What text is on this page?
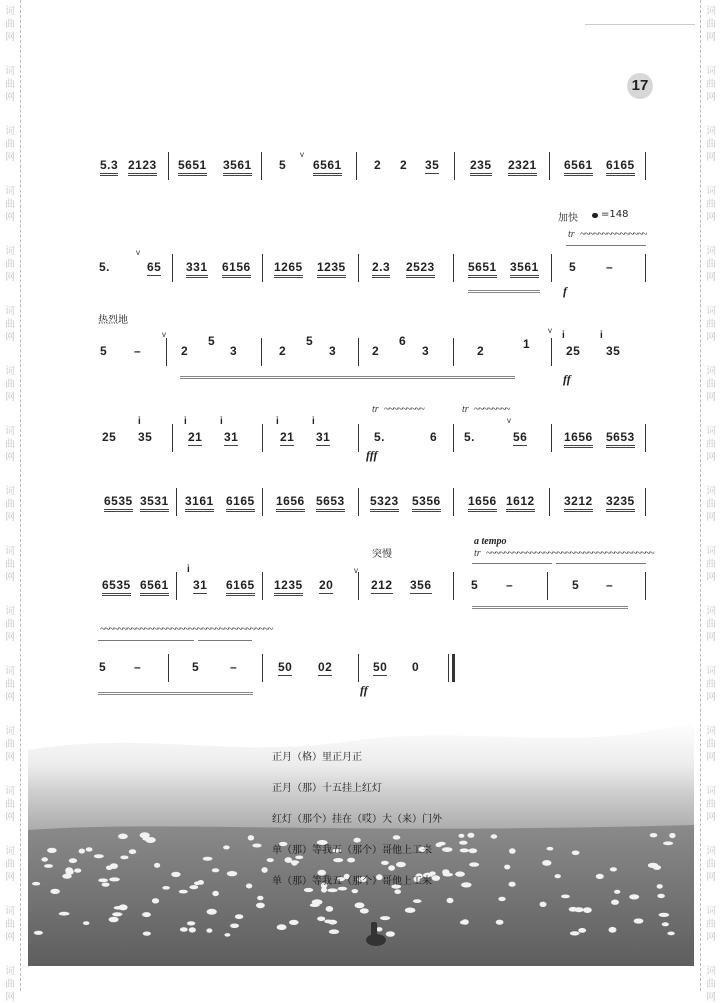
词
曲
网
词
曲
网
词
曲
网
词
曲
网
词
曲
网
词
曲
网
词
曲
网
词
曲
网
词
曲
网
词
曲
网
词
曲
网
词
曲
网
词
曲
网
词
曲
网
词
曲
网
词
曲
网
词
曲
网
词
曲
网
词
曲
网
词
曲
网
词
曲
网
词
曲
网
词
曲
网
词
曲
网
词
曲
网
词
曲
网
词
曲
网
词
曲
网
词
曲
网
词
曲
网
词
曲
网
词
曲
网
词
曲
网
词
曲
网
17
5.3 2123 5651 3561 5
v
6561	2 2 35	235 2321 6561 6165
加快 =148
tr ~~~~~~~~~~~~~~~
5.
v
65 331 6156 1265 1235 2.3 2523	5651 3561	5 –
f
热烈地
5 –
v
2
5
3	2
5
3	2
6
3	2	1
v i
25
i
35
ff
tr ~~~~~~~~~	tr ~~~~~~~~
i
25 35
i
21
i
31
i
21
i
31	5.	6 5.
v
56	1656 5653
fff
6535 3531 3161 6165 1656 5653 5323 5356 1656 1612 3212 3235
突慢
a tempo
tr ~~~~~~~~~~~~~~~~~~~~~~~~~~~~~~~~~~~~~~
6535 6561
i
31 6165 1235 20
v
212 356	5 –	5 –
~~~~~~~~~~~~~~~~~~~~~~~~~~~~~~~~~~~~~~~
5 –	5	–	50 02	50 0
ff
正月（格）里正月正
正月（那）十五挂上红灯
红灯（那个）挂在（哎）大（来）门外
单（那）等我五（那个）哥他上工来
单（那）等我五（那个）哥他上工来
